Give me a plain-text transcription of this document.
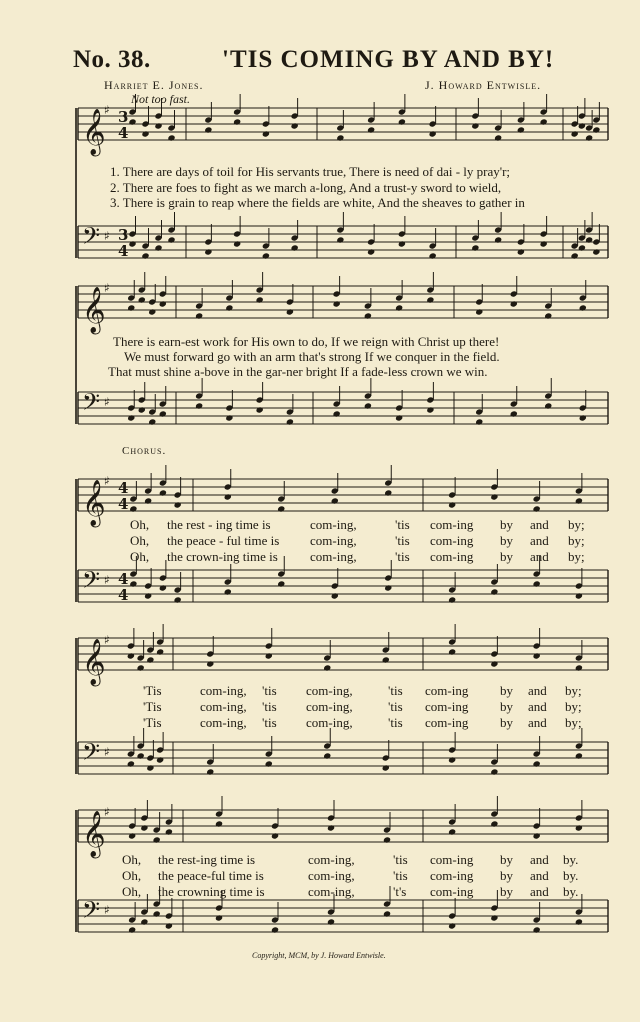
𝄞
♯
𝄢 ♯
𝄞
♯
𝄢 ♯
𝄞
♯
𝄢 ♯
𝄞
♯
𝄢 ♯
𝄞
♯
𝄢 ♯
3
4
3
4
4
4
4
4
No. 38.	'TIS COMING BY AND BY!
Harriet E. Jones.	J. Howard Entwisle.
Not too fast.
1. There are days of toil for His servants true, There is need of dai - ly pray'r;
2. There are foes to fight as we march a-long, And a trust-y sword to wield,
3. There is grain to reap where the fields are white, And the sheaves to gather in
There is earn-est work for His own to do, If we reign with Christ up there!
We must forward go with an arm that's strong If we conquer in the field.
That must shine a-bove in the gar-ner bright If a fade-less crown we win.
Chorus.
Oh, the rest - ing time is	com-ing,	'tis com-ing by and by;
Oh, the peace - ful time is com-ing,	'tis com-ing by and by;
Oh, the crown-ing time is com-ing,	'tis com-ing by and by;
'Tis	com-ing, 'tis com-ing,	'tis com-ing by and by;
'Tis	com-ing, 'tis com-ing,	'tis com-ing by and by;
'Tis	com-ing, 'tis com-ing,	'tis com-ing by and by;
Oh, the rest-ing time is	com-ing,	'tis com-ing by and by.
Oh, the peace-ful time is	com-ing,	'tis com-ing by and by.
Oh, the crowning time is	com-ing,	't's com-ing by and by.
Copyright, MCM, by J. Howard Entwisle.
